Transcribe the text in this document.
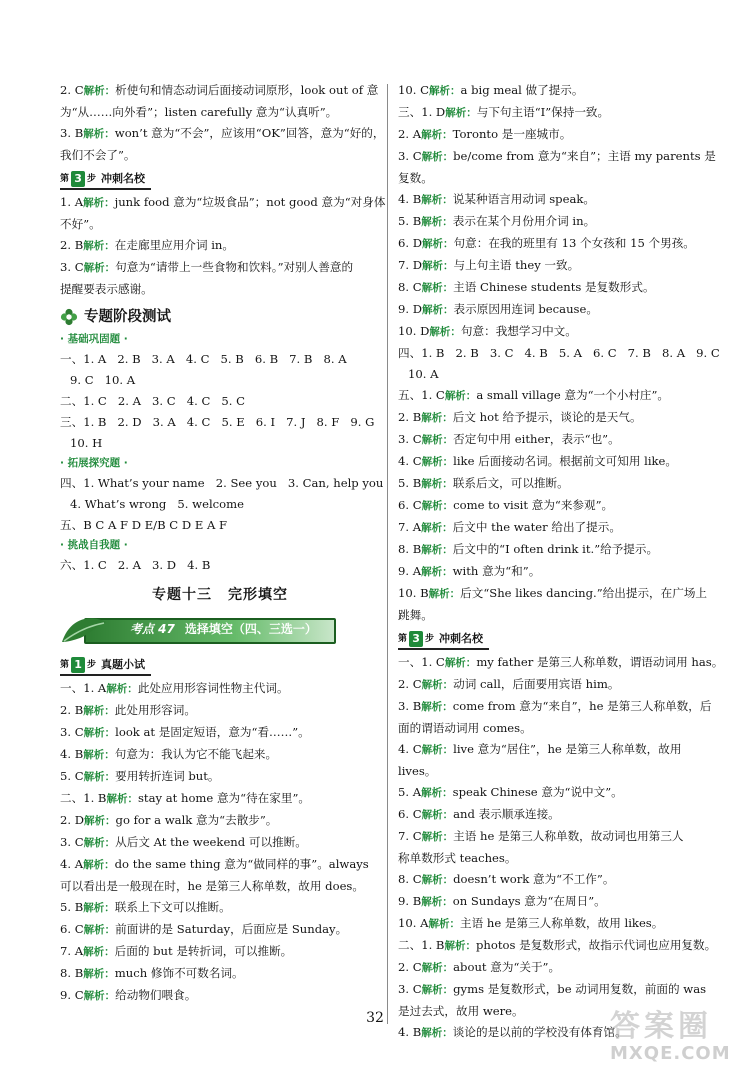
2. C解析：析使句和情态动词后面接动词原形，look out of 意
为“从……向外看”；listen carefully 意为“认真听”。
3. B解析：won’t 意为“不会”，应该用“OK”回答，意为“好的，
我们不会了”。
第 3 步 冲刺名校
1. A解析：junk food 意为“垃圾食品”；not good 意为“对身体
不好”。
2. B解析：在走廊里应用介词 in。
3. C解析：句意为“请带上一些食物和饮料。”对别人善意的
提醒要表示感谢。
专题阶段测试
· 基础巩固题 ·
一、1. A   2. B   3. A   4. C   5. B   6. B   7. B   8. A
9. C   10. A
二、1. C   2. A   3. C   4. C   5. C
三、1. B   2. D   3. A   4. C   5. E   6. I   7. J   8. F   9. G
10. H
· 拓展探究题 ·
四、1. What’s your name   2. See you   3. Can, help you
4. What’s wrong   5. welcome
五、B C A F D E/B C D E A F
· 挑战自我题 ·
六、1. C   2. A   3. D   4. B
专题十三 完形填空
考点 47 选择填空（四、三选一）
第 1 步 真题小试
一、1. A解析：此处应用形容词性物主代词。
2. B解析：此处用形容词。
3. C解析：look at 是固定短语，意为“看……”。
4. B解析：句意为：我认为它不能飞起来。
5. C解析：要用转折连词 but。
二、1. B解析：stay at home 意为“待在家里”。
2. D解析：go for a walk 意为“去散步”。
3. C解析：从后文 At the weekend 可以推断。
4. A解析：do the same thing 意为“做同样的事”。always
可以看出是一般现在时，he 是第三人称单数，故用 does。
5. B解析：联系上下文可以推断。
6. C解析：前面讲的是 Saturday，后面应是 Sunday。
7. A解析：后面的 but 是转折词，可以推断。
8. B解析：much 修饰不可数名词。
9. C解析：给动物们喂食。
10. C解析：a big meal 做了提示。
三、1. D解析：与下句主语“I”保持一致。
2. A解析：Toronto 是一座城市。
3. C解析：be/come from 意为“来自”；主语 my parents 是
复数。
4. B解析：说某种语言用动词 speak。
5. B解析：表示在某个月份用介词 in。
6. D解析：句意：在我的班里有 13 个女孩和 15 个男孩。
7. D解析：与上句主语 they 一致。
8. C解析：主语 Chinese students 是复数形式。
9. D解析：表示原因用连词 because。
10. D解析：句意：我想学习中文。
四、1. B   2. B   3. C   4. B   5. A   6. C   7. B   8. A   9. C
10. A
五、1. C解析：a small village 意为“一个小村庄”。
2. B解析：后文 hot 给予提示，谈论的是天气。
3. C解析：否定句中用 either，表示“也”。
4. C解析：like 后面接动名词。根据前文可知用 like。
5. B解析：联系后文，可以推断。
6. C解析：come to visit 意为“来参观”。
7. A解析：后文中 the water 给出了提示。
8. B解析：后文中的“I often drink it.”给予提示。
9. A解析：with 意为“和”。
10. B解析：后文“She likes dancing.”给出提示，在广场上
跳舞。
第 3 步 冲刺名校
一、1. C解析：my father 是第三人称单数，谓语动词用 has。
2. C解析：动词 call，后面要用宾语 him。
3. B解析：come from 意为“来自”，he 是第三人称单数，后
面的谓语动词用 comes。
4. C解析：live 意为“居住”，he 是第三人称单数，故用
lives。
5. A解析：speak Chinese 意为“说中文”。
6. C解析：and 表示顺承连接。
7. C解析：主语 he 是第三人称单数，故动词也用第三人
称单数形式 teaches。
8. C解析：doesn’t work 意为“不工作”。
9. B解析：on Sundays 意为“在周日”。
10. A解析：主语 he 是第三人称单数，故用 likes。
二、1. B解析：photos 是复数形式，故指示代词也应用复数。
2. C解析：about 意为“关于”。
3. C解析：gyms 是复数形式，be 动词用复数，前面的 was
是过去式，故用 were。
4. B解析：谈论的是以前的学校没有体育馆。
32	答案圈
MXQE.COM
